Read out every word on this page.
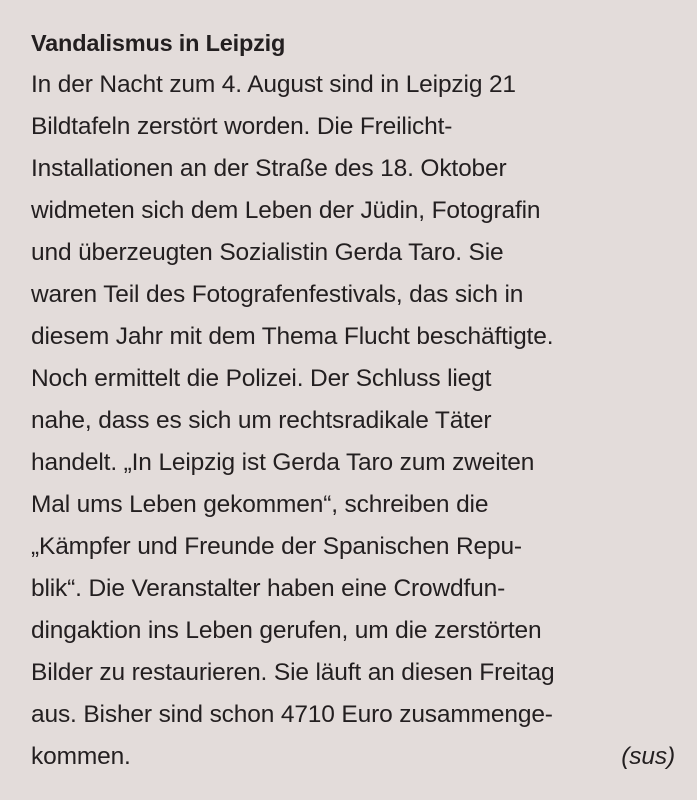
Vandalismus in Leipzig
In der Nacht zum 4. August sind in Leipzig 21
Bildtafeln zerstört worden. Die Freilicht-
Installationen an der Straße des 18. Oktober
widmeten sich dem Leben der Jüdin, Fotografin
und überzeugten Sozialistin Gerda Taro. Sie
waren Teil des Fotografenfestivals, das sich in
diesem Jahr mit dem Thema Flucht beschäftigte.
Noch ermittelt die Polizei. Der Schluss liegt
nahe, dass es sich um rechtsradikale Täter
handelt. „In Leipzig ist Gerda Taro zum zweiten
Mal ums Leben gekommen“, schreiben die
„Kämpfer und Freunde der Spanischen Repu-
blik“. Die Veranstalter haben eine Crowdfun-
dingaktion ins Leben gerufen, um die zerstörten
Bilder zu restaurieren. Sie läuft an diesen Freitag
aus. Bisher sind schon 4710 Euro zusammenge-
kommen.	(sus)
